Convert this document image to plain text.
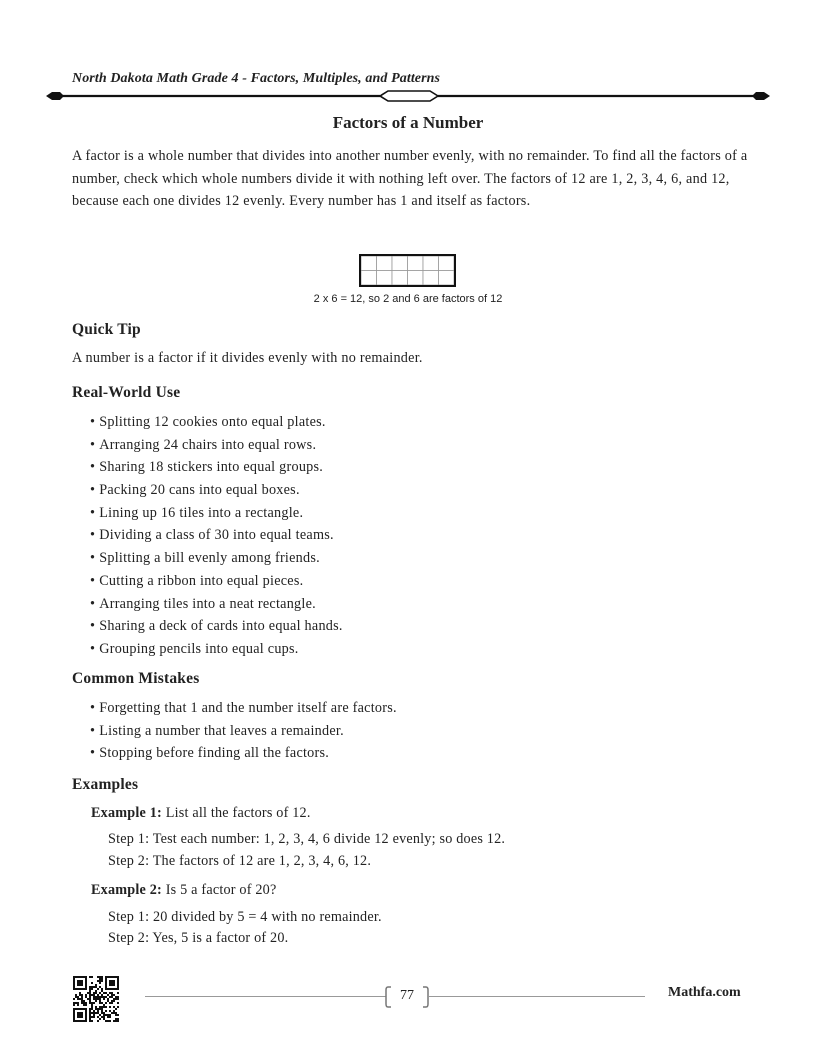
North Dakota Math Grade 4 - Factors, Multiples, and Patterns
Factors of a Number
A factor is a whole number that divides into another number evenly, with no remainder. To find all the factors of a number, check which whole numbers divide it with nothing left over. The factors of 12 are 1, 2, 3, 4, 6, and 12, because each one divides 12 evenly. Every number has 1 and itself as factors.
2 x 6 = 12, so 2 and 6 are factors of 12
Quick Tip
A number is a factor if it divides evenly with no remainder.
Real-World Use
• Splitting 12 cookies onto equal plates.
• Arranging 24 chairs into equal rows.
• Sharing 18 stickers into equal groups.
• Packing 20 cans into equal boxes.
• Lining up 16 tiles into a rectangle.
• Dividing a class of 30 into equal teams.
• Splitting a bill evenly among friends.
• Cutting a ribbon into equal pieces.
• Arranging tiles into a neat rectangle.
• Sharing a deck of cards into equal hands.
• Grouping pencils into equal cups.
Common Mistakes
• Forgetting that 1 and the number itself are factors.
• Listing a number that leaves a remainder.
• Stopping before finding all the factors.
Examples
Example 1: List all the factors of 12.
Step 1: Test each number: 1, 2, 3, 4, 6 divide 12 evenly; so does 12.
Step 2: The factors of 12 are 1, 2, 3, 4, 6, 12.
Example 2: Is 5 a factor of 20?
Step 1: 20 divided by 5 = 4 with no remainder.
Step 2: Yes, 5 is a factor of 20.
77	Mathfa.com
